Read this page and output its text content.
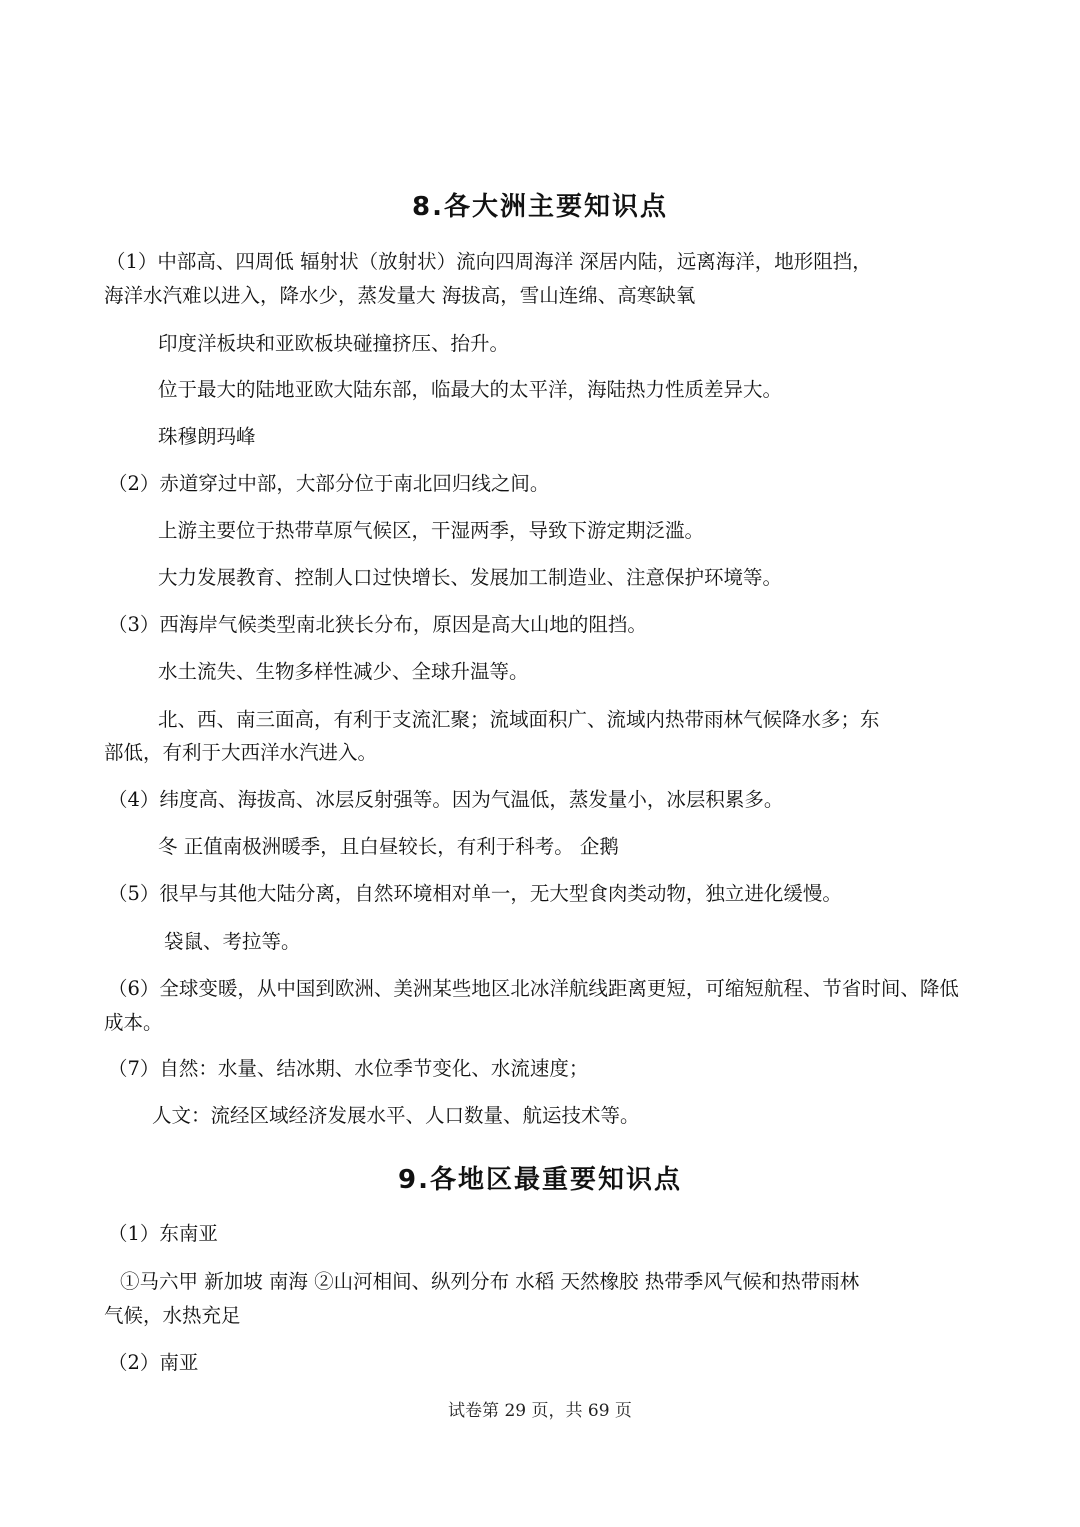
8.各大洲主要知识点
（1）中部高、四周低 辐射状（放射状）流向四周海洋 深居内陆，远离海洋，地形阻挡，
海洋水汽难以进入，降水少，蒸发量大 海拔高，雪山连绵、高寒缺氧
印度洋板块和亚欧板块碰撞挤压、抬升。
位于最大的陆地亚欧大陆东部，临最大的太平洋，海陆热力性质差异大。
珠穆朗玛峰
（2）赤道穿过中部，大部分位于南北回归线之间。
上游主要位于热带草原气候区，干湿两季，导致下游定期泛滥。
大力发展教育、控制人口过快增长、发展加工制造业、注意保护环境等。
（3）西海岸气候类型南北狭长分布，原因是高大山地的阻挡。
水土流失、生物多样性减少、全球升温等。
北、西、南三面高，有利于支流汇聚；流域面积广、流域内热带雨林气候降水多；东
部低，有利于大西洋水汽进入。
（4）纬度高、海拔高、冰层反射强等。因为气温低，蒸发量小，冰层积累多。
冬 正值南极洲暖季，且白昼较长，有利于科考。 企鹅
（5）很早与其他大陆分离，自然环境相对单一，无大型食肉类动物，独立进化缓慢。
袋鼠、考拉等。
（6）全球变暖，从中国到欧洲、美洲某些地区北冰洋航线距离更短，可缩短航程、节省时间、降低
成本。
（7）自然：水量、结冰期、水位季节变化、水流速度；
人文：流经区域经济发展水平、人口数量、航运技术等。
9.各地区最重要知识点
（1）东南亚
①马六甲 新加坡 南海 ②山河相间、纵列分布 水稻 天然橡胶 热带季风气候和热带雨林
气候，水热充足
（2）南亚
试卷第 29 页，共 69 页
